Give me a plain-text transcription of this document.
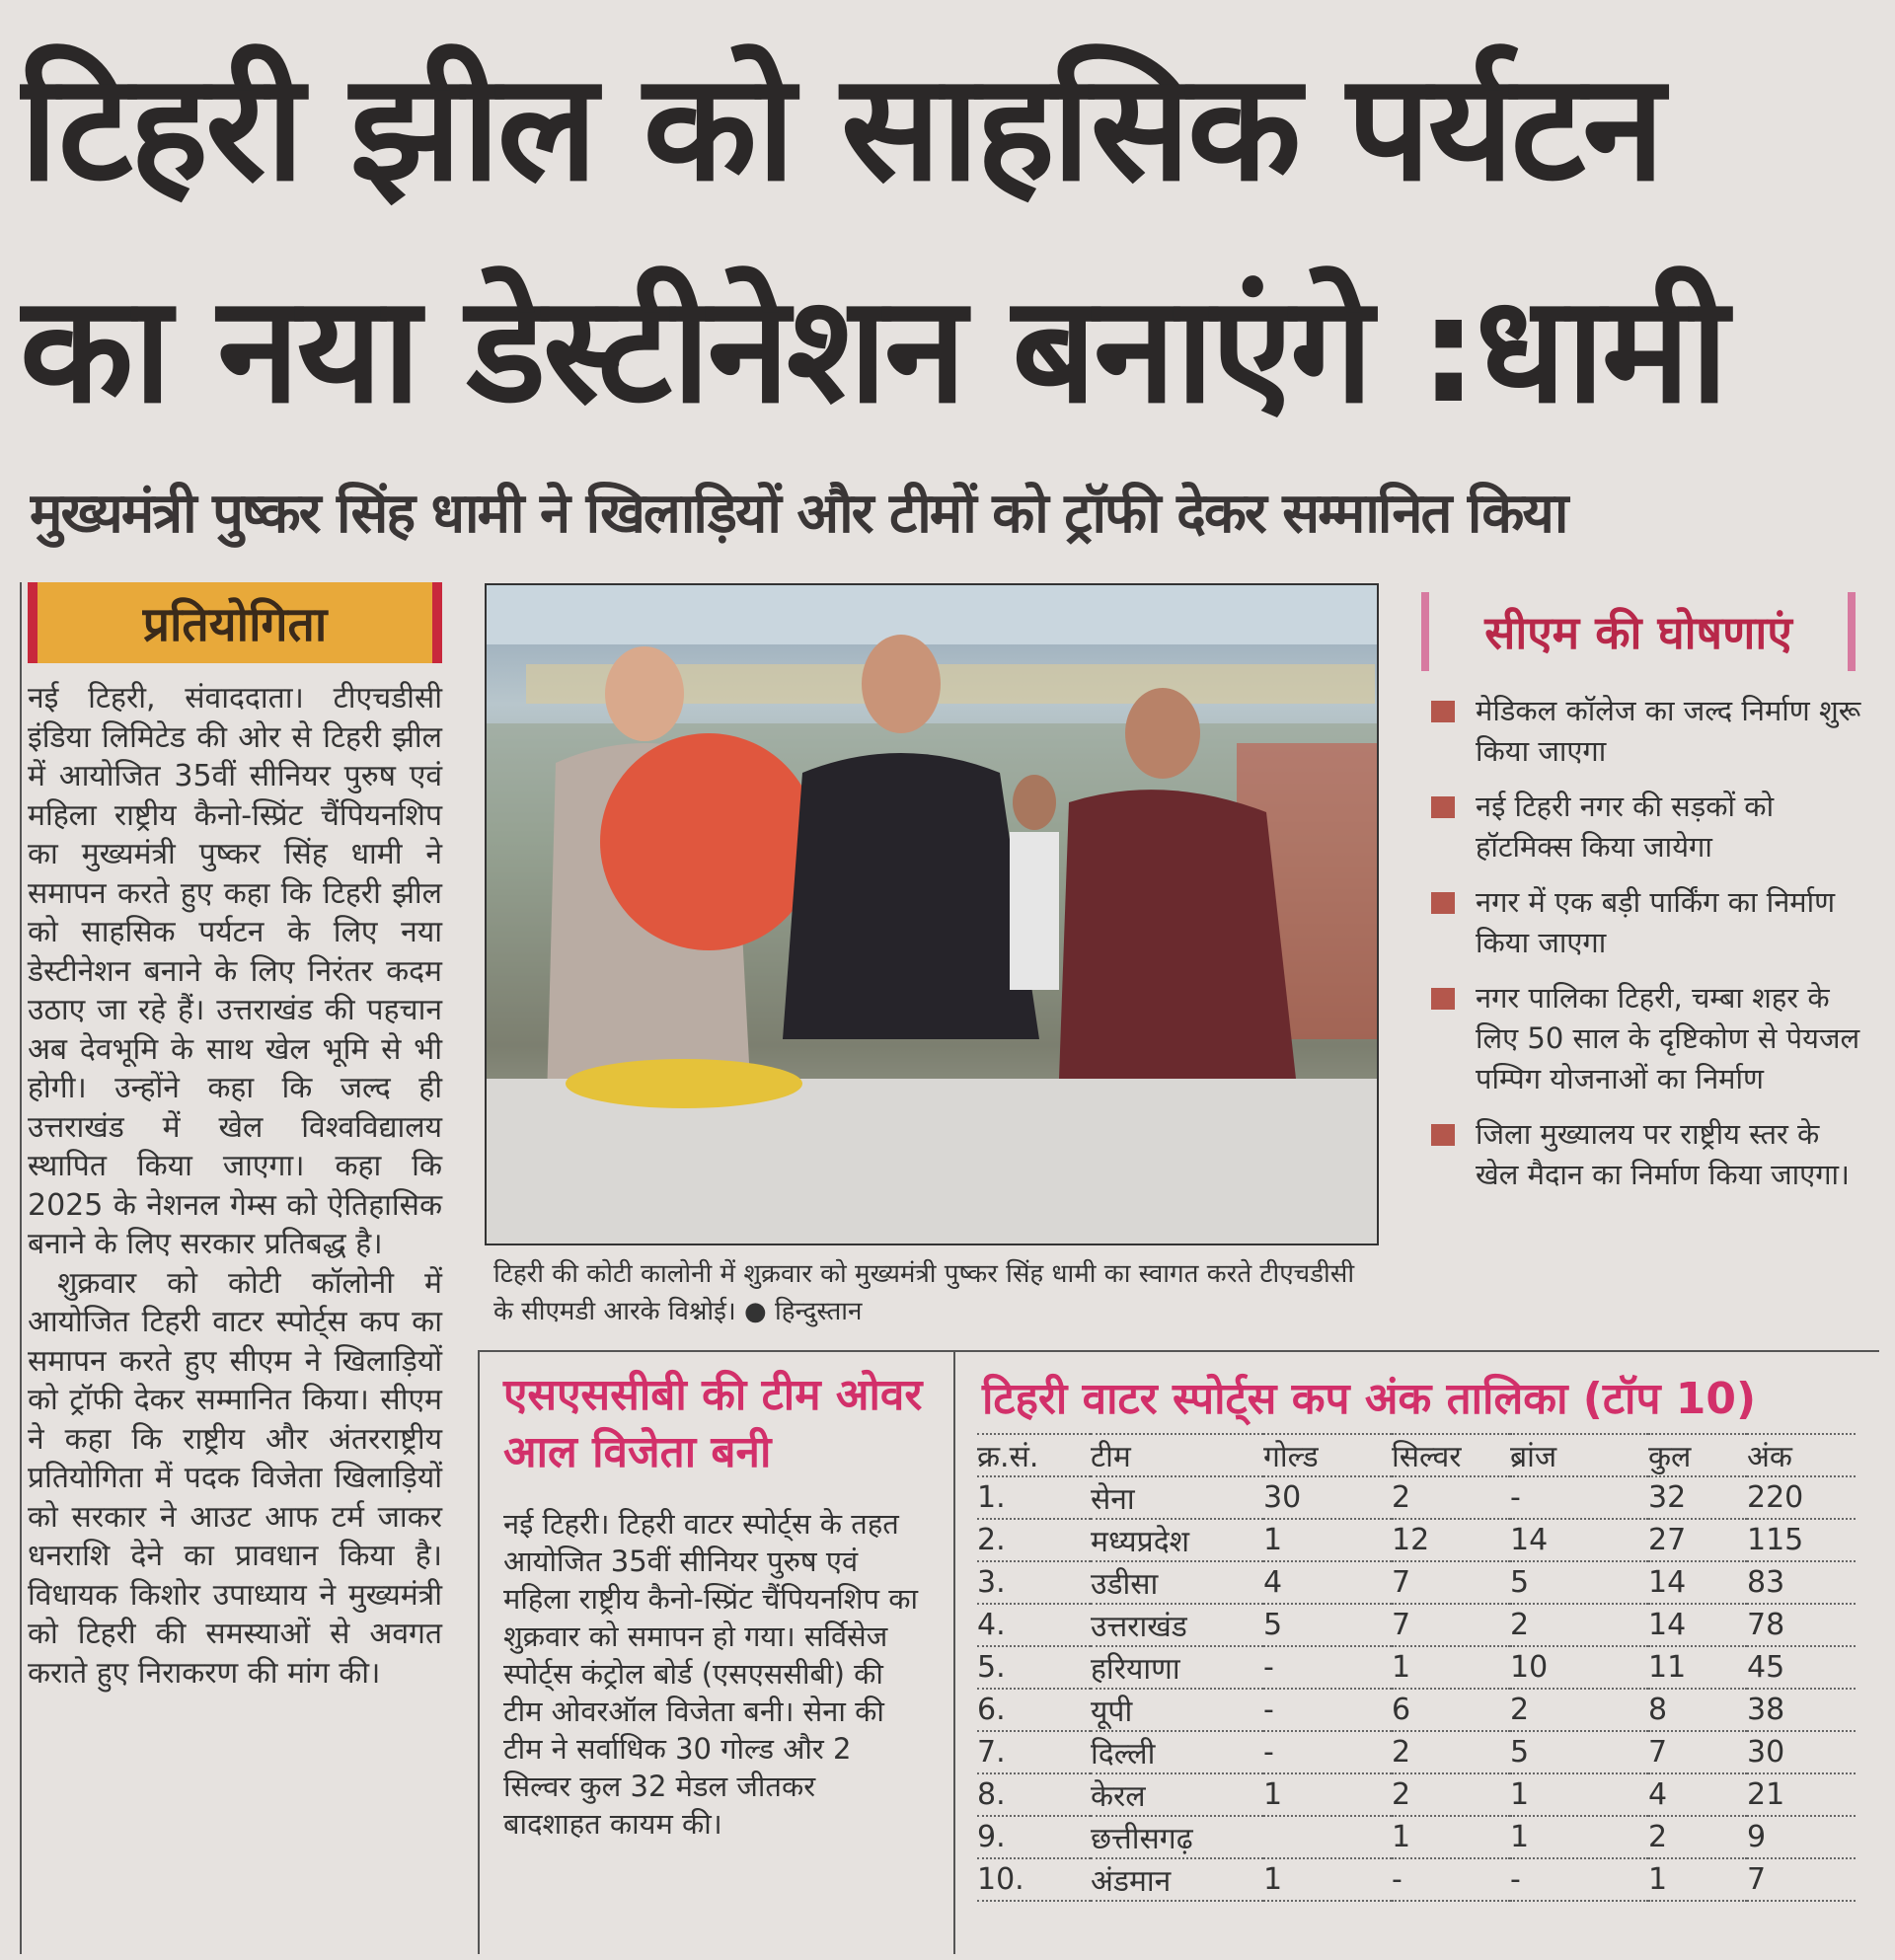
टिहरी झील को साहसिक पर्यटन
का नया डेस्टीनेशन बनाएंगे :धामी
मुख्यमंत्री पुष्कर सिंह धामी ने खिलाड़ियों और टीमों को ट्रॉफी देकर सम्मानित किया
प्रतियोगिता

नई टिहरी, संवाददाता। टीएचडीसी इंडिया लिमिटेड की ओर से टिहरी झील में आयोजित 35वीं सीनियर पुरुष एवं महिला राष्ट्रीय कैनो-स्प्रिंट चैंपियनशिप का मुख्यमंत्री पुष्कर सिंह धामी ने समापन करते हुए कहा कि टिहरी झील को साहसिक पर्यटन के लिए नया डेस्टीनेशन बनाने के लिए निरंतर कदम उठाए जा रहे हैं। उत्तराखंड की पहचान अब देवभूमि के साथ खेल भूमि से भी होगी। उन्होंने कहा कि जल्द ही उत्तराखंड में खेल विश्वविद्यालय स्थापित किया जाएगा। कहा कि 2025 के नेशनल गेम्स को ऐतिहासिक बनाने के लिए सरकार प्रतिबद्ध है।

शुक्रवार को कोटी कॉलोनी में आयोजित टिहरी वाटर स्पोर्ट्स कप का समापन करते हुए सीएम ने खिलाड़ियों को ट्रॉफी देकर सम्मानित किया। सीएम ने कहा कि राष्ट्रीय और अंतरराष्ट्रीय प्रतियोगिता में पदक विजेता खिलाड़ियों को सरकार ने आउट आफ टर्म जाकर धनराशि देने का प्रावधान किया है। विधायक किशोर उपाध्याय ने मुख्यमंत्री को टिहरी की समस्याओं से अवगत कराते हुए निराकरण की मांग की।

टिहरी की कोटी कालोनी में शुक्रवार को मुख्यमंत्री पुष्कर सिंह धामी का स्वागत करते टीएचडीसी के सीएमडी आरके विश्नोई। ● हिन्दुस्तान
सीएम की घोषणाएं
मेडिकल कॉलेज का जल्द निर्माण शुरू किया जाएगा
नई टिहरी नगर की सड़कों को हॉटमिक्स किया जायेगा
नगर में एक बड़ी पार्किंग का निर्माण किया जाएगा
नगर पालिका टिहरी, चम्बा शहर के लिए 50 साल के दृष्टिकोण से पेयजल पम्पिग योजनाओं का निर्माण
जिला मुख्यालय पर राष्ट्रीय स्तर के खेल मैदान का निर्माण किया जाएगा।
एसएससीबी की टीम ओवर आल विजेता बनी
नई टिहरी। टिहरी वाटर स्पोर्ट्स के तहत आयोजित 35वीं सीनियर पुरुष एवं महिला राष्ट्रीय कैनो-स्प्रिंट चैंपियनशिप का शुक्रवार को समापन हो गया। सर्विसेज स्पोर्ट्स कंट्रोल बोर्ड (एसएससीबी) की टीम ओवरऑल विजेता बनी। सेना की टीम ने सर्वाधिक 30 गोल्ड और 2 सिल्वर कुल 32 मेडल जीतकर बादशाहत कायम की।
टिहरी वाटर स्पोर्ट्स कप अंक तालिका (टॉप 10)
क्र.सं.	टीम	गोल्ड	सिल्वर	ब्रांज	कुल	अंक
1.	सेना	30	2	-	32	220
2.	मध्यप्रदेश	1	12	14	27	115
3.	उडीसा	4	7	5	14	83
4.	उत्तराखंड	5	7	2	14	78
5.	हरियाणा	-	1	10	11	45
6.	यूपी	-	6	2	8	38
7.	दिल्ली	-	2	5	7	30
8.	केरल	1	2	1	4	21
9.	छत्तीसगढ़		1	1	2	9
10.	अंडमान	1	-	-	1	7
